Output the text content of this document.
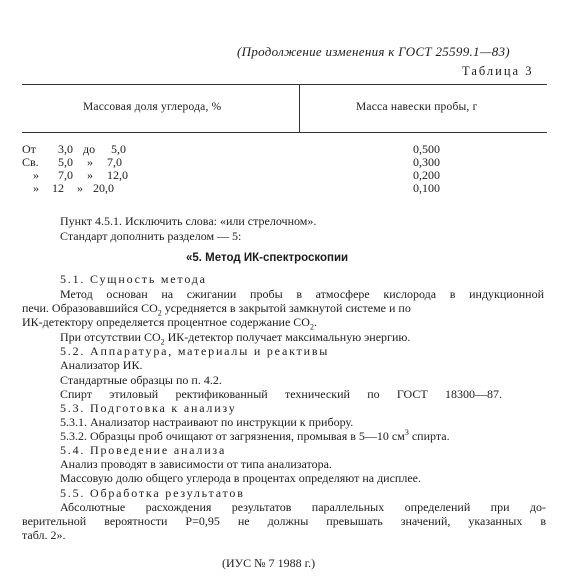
(Продолжение изменения к ГОСТ 25599.1—83)
Таблица 3
Массовая доля углерода, %	Масса навески пробы, г
От 3,0 до 5,0	0,500
Св. 5,0 » 7,0	0,300
» 7,0 » 12,0	0,200
» 12 » 20,0	0,100
Пункт 4.5.1. Исключить слова: «или стрелочном».
Стандарт дополнить разделом — 5:
«5. Метод ИК-спектроскопии
5.1. Сущность метода
Метод основан на сжигании пробы в атмосфере кислорода в индукционной
печи. Образовавшийся $CO_2$ усредняется в закрытой замкнутой системе и по
ИК-детектору определяется процентное содержание $CO_2$.
При отсутствии $CO_2$ ИК-детектор получает максимальную энергию.
5.2. Аппаратура, материалы и реактивы
Анализатор ИК.
Стандартные образцы по п. 4.2.
Спирт этиловый ректификованный технический по ГОСТ 18300—87.
5.3. Подготовка к анализу
5.3.1. Анализатор настраивают по инструкции к прибору.
5.3.2. Образцы проб очищают от загрязнения, промывая в 5—10 $см^3$ спирта.
5.4. Проведение анализа
Анализ проводят в зависимости от типа анализатора.
Массовую долю общего углерода в процентах определяют на дисплее.
5.5. Обработка результатов
Абсолютные расхождения результатов параллельных определений при до-
верительной вероятности P=0,95 не должны превышать значений, указанных в
табл. 2».
(ИУС № 7 1988 г.)
